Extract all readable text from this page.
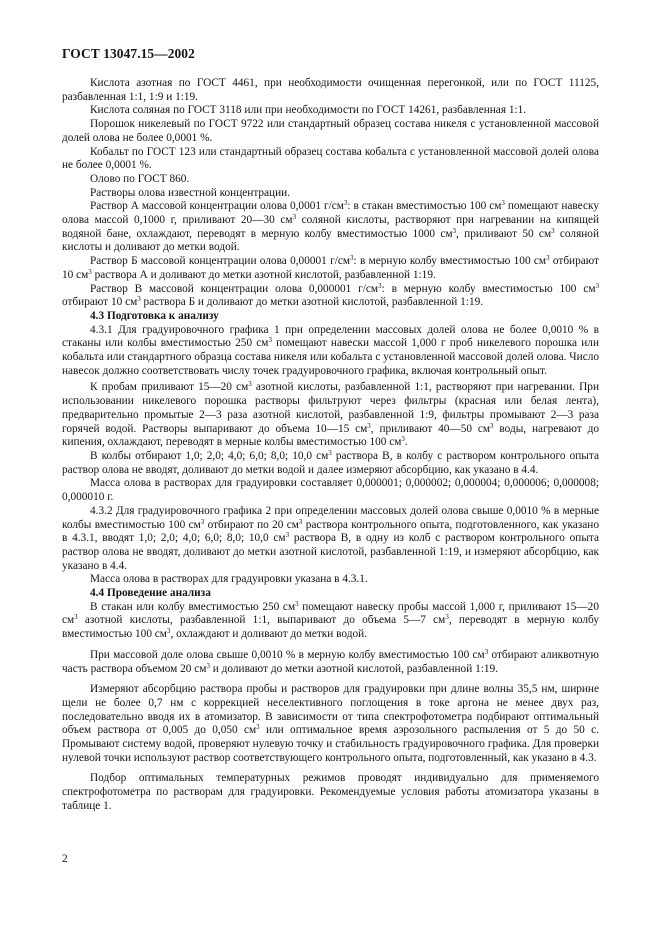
ГОСТ 13047.15—2002

Кислота азотная по ГОСТ 4461, при необходимости очищенная перегонкой, или по ГОСТ 11125, разбавленная 1:1, 1:9 и 1:19.

Кислота соляная по ГОСТ 3118 или при необходимости по ГОСТ 14261, разбавленная 1:1.

Порошок никелевый по ГОСТ 9722 или стандартный образец состава никеля с установленной массовой долей олова не более 0,0001 %.

Кобальт по ГОСТ 123 или стандартный образец состава кобальта с установленной массовой долей олова не более 0,0001 %.

Олово по ГОСТ 860.

Растворы олова известной концентрации.

Раствор А массовой концентрации олова 0,0001 $г/см^3$: в стакан вместимостью 100 $см^3$ помещают навеску олова массой 0,1000 г, приливают 20—30 $см^3$ соляной кислоты, растворяют при нагревании на кипящей водяной бане, охлаждают, переводят в мерную колбу вместимостью 1000 $см^3$, приливают 50 $см^3$ соляной кислоты и доливают до метки водой.

Раствор Б массовой концентрации олова 0,00001 $г/см^3$: в мерную колбу вместимостью 100 $см^3$ отбирают 10 $см^3$ раствора А и доливают до метки азотной кислотой, разбавленной 1:19.

Раствор В массовой концентрации олова 0,000001 $г/см^3$: в мерную колбу вместимостью 100 $см^3$ отбирают 10 $см^3$ раствора Б и доливают до метки азотной кислотой, разбавленной 1:19.

4.3 Подготовка к анализу

4.3.1 Для градуировочного графика 1 при определении массовых долей олова не более 0,0010 % в стаканы или колбы вместимостью 250 $см^3$ помещают навески массой 1,000 г проб никелевого порошка или кобальта или стандартного образца состава никеля или кобальта с установленной массовой долей олова. Число навесок должно соответствовать числу точек градуировочного графика, включая контрольный опыт.

К пробам приливают 15—20 $см^3$ азотной кислоты, разбавленной 1:1, растворяют при нагревании. При использовании никелевого порошка растворы фильтруют через фильтры (красная или белая лента), предварительно промытые 2—3 раза азотной кислотой, разбавленной 1:9, фильтры промывают 2—3 раза горячей водой. Растворы выпаривают до объема 10—15 $см^3$, приливают 40—50 $см^3$ воды, нагревают до кипения, охлаждают, переводят в мерные колбы вместимостью 100 $см^3$.

В колбы отбирают 1,0; 2,0; 4,0; 6,0; 8,0; 10,0 $см^3$ раствора В, в колбу с раствором контрольного опыта раствор олова не вводят, доливают до метки водой и далее измеряют абсорбцию, как указано в 4.4.

Масса олова в растворах для градуировки составляет 0,000001; 0,000002; 0,000004; 0,000006; 0,000008; 0,000010 г.

4.3.2 Для градуировочного графика 2 при определении массовых долей олова свыше 0,0010 % в мерные колбы вместимостью 100 $см^3$ отбирают по 20 $см^3$ раствора контрольного опыта, подготовленного, как указано в 4.3.1, вводят 1,0; 2,0; 4,0; 6,0; 8,0; 10,0 $см^3$ раствора В, в одну из колб с раствором контрольного опыта раствор олова не вводят, доливают до метки азотной кислотой, разбавленной 1:19, и измеряют абсорбцию, как указано в 4.4.

Масса олова в растворах для градуировки указана в 4.3.1.

4.4 Проведение анализа

В стакан или колбу вместимостью 250 $см^3$ помещают навеску пробы массой 1,000 г, приливают 15—20 $см^3$ азотной кислоты, разбавленной 1:1, выпаривают до объема 5—7 $см^3$, переводят в мерную колбу вместимостью 100 $см^3$, охлаждают и доливают до метки водой.

При массовой доле олова свыше 0,0010 % в мерную колбу вместимостью 100 $см^3$ отбирают аликвотную часть раствора объемом 20 $см^3$ и доливают до метки азотной кислотой, разбавленной 1:19.

Измеряют абсорбцию раствора пробы и растворов для градуировки при длине волны 35,5 нм, ширине щели не более 0,7 нм с коррекцией неселективного поглощения в токе аргона не менее двух раз, последовательно вводя их в атомизатор. В зависимости от типа спектрофотометра подбирают оптимальный объем раствора от 0,005 до 0,050 $см^3$ или оптимальное время аэрозольного распыления от 5 до 50 с. Промывают систему водой, проверяют нулевую точку и стабильность градуировочного графика. Для проверки нулевой точки используют раствор соответствующего контрольного опыта, подготовленный, как указано в 4.3.

Подбор оптимальных температурных режимов проводят индивидуально для применяемого спектрофотометра по растворам для градуировки. Рекомендуемые условия работы атомизатора указаны в таблице 1.

2
